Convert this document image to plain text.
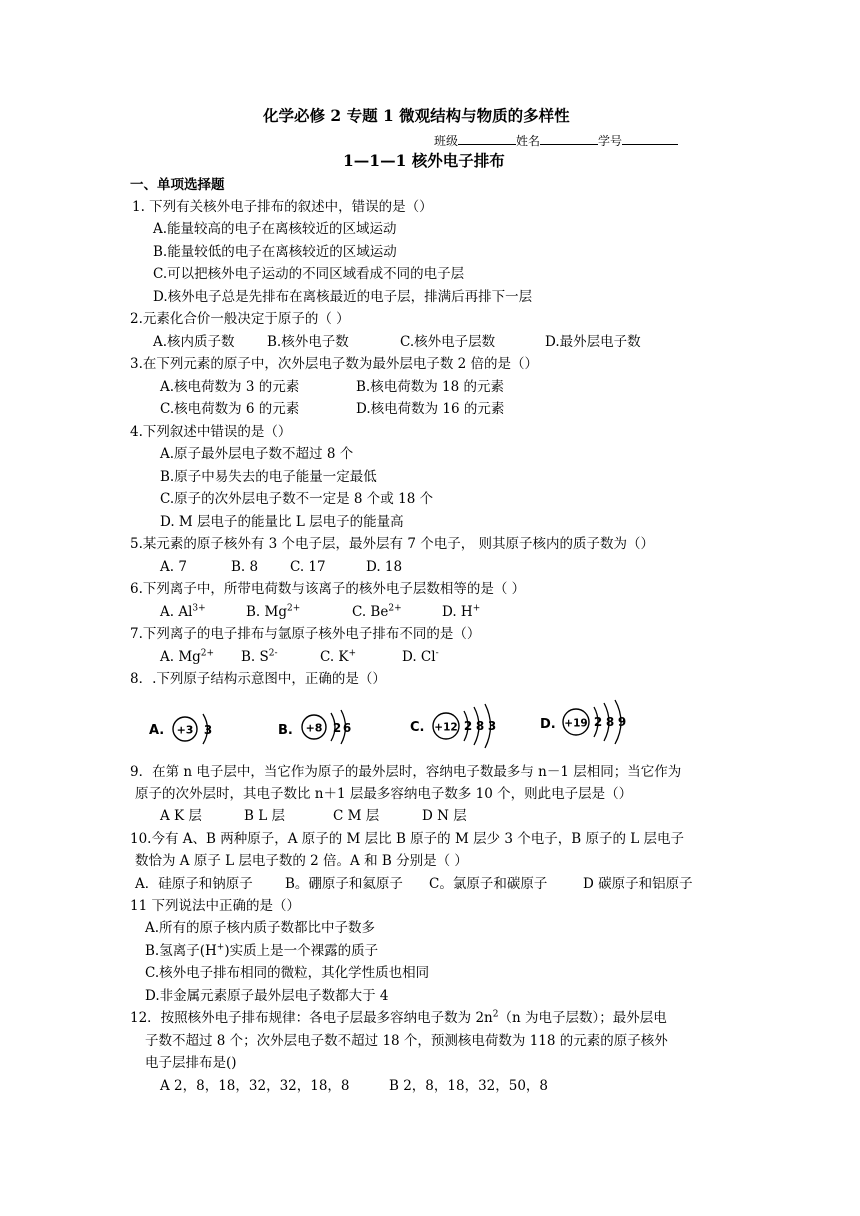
化学必修 2 专题 1 微观结构与物质的多样性
班级	姓名	学号
1—1—1 核外电子排布
一、单项选择题
1. 下列有关核外电子排布的叙述中，错误的是（）
A.能量较高的电子在离核较近的区域运动
B.能量较低的电子在离核较近的区域运动
C.可以把核外电子运动的不同区域看成不同的电子层
D.核外电子总是先排布在离核最近的电子层，排满后再排下一层
2.元素化合价一般决定于原子的（ ）
A.核内质子数 B.核外电子数	C.核外电子层数	D.最外层电子数
3.在下列元素的原子中，次外层电子数为最外层电子数 2 倍的是（）
A.核电荷数为 3 的元素	B.核电荷数为 18 的元素
C.核电荷数为 6 的元素	D.核电荷数为 16 的元素
4.下列叙述中错误的是（）
A.原子最外层电子数不超过 8 个
B.原子中易失去的电子能量一定最低
C.原子的次外层电子数不一定是 8 个或 18 个
D. M 层电子的能量比 L 层电子的能量高
5.某元素的原子核外有 3 个电子层，最外层有 7 个电子， 则其原子核内的质子数为（）
A. 7	B. 8 C. 17	D. 18
6.下列离子中，所带电荷数与该离子的核外电子层数相等的是（ ）
A. $Al^{3+}$	B. $Mg^{2+}$	C. $Be^{2+}$	D. H+
7.下列离子的电子排布与氩原子核外电子排布不同的是（）
A. $Mg^{2+}$ B. $S^{2-}$	C. K+	D. Cl-
8．.下列原子结构示意图中，正确的是（）
A. +3 3	B. +8 2 6	C. +12 2 8 3	D. +19 2 8 9
9．在第 n 电子层中，当它作为原子的最外层时，容纳电子数最多与 n－1 层相同；当它作为
原子的次外层时，其电子数比 n＋1 层最多容纳电子数多 10 个，则此电子层是（）
A K 层	B L 层	C M 层	D N 层
10.今有 A、B 两种原子，A 原子的 M 层比 B 原子的 M 层少 3 个电子，B 原子的 L 层电子
数恰为 A 原子 L 层电子数的 2 倍。A 和 B 分别是（ ）
A．硅原子和钠原子 B。硼原子和氦原子 C。氯原子和碳原子	D 碳原子和铝原子
11 下列说法中正确的是（）
A.所有的原子核内质子数都比中子数多
B.氢离子(H+)实质上是一个裸露的质子
C.核外电子排布相同的微粒，其化学性质也相同
D.非金属元素原子最外层电子数都大于 4
12．按照核外电子排布规律：各电子层最多容纳电子数为 $2n^2(n$ 为电子层数）；最外层电
子数不超过 8 个；次外层电子数不超过 18 个，预测核电荷数为 118 的元素的原子核外
电子层排布是()
A 2，8，18，32，32，18，8	B 2，8，18，32，50，8
